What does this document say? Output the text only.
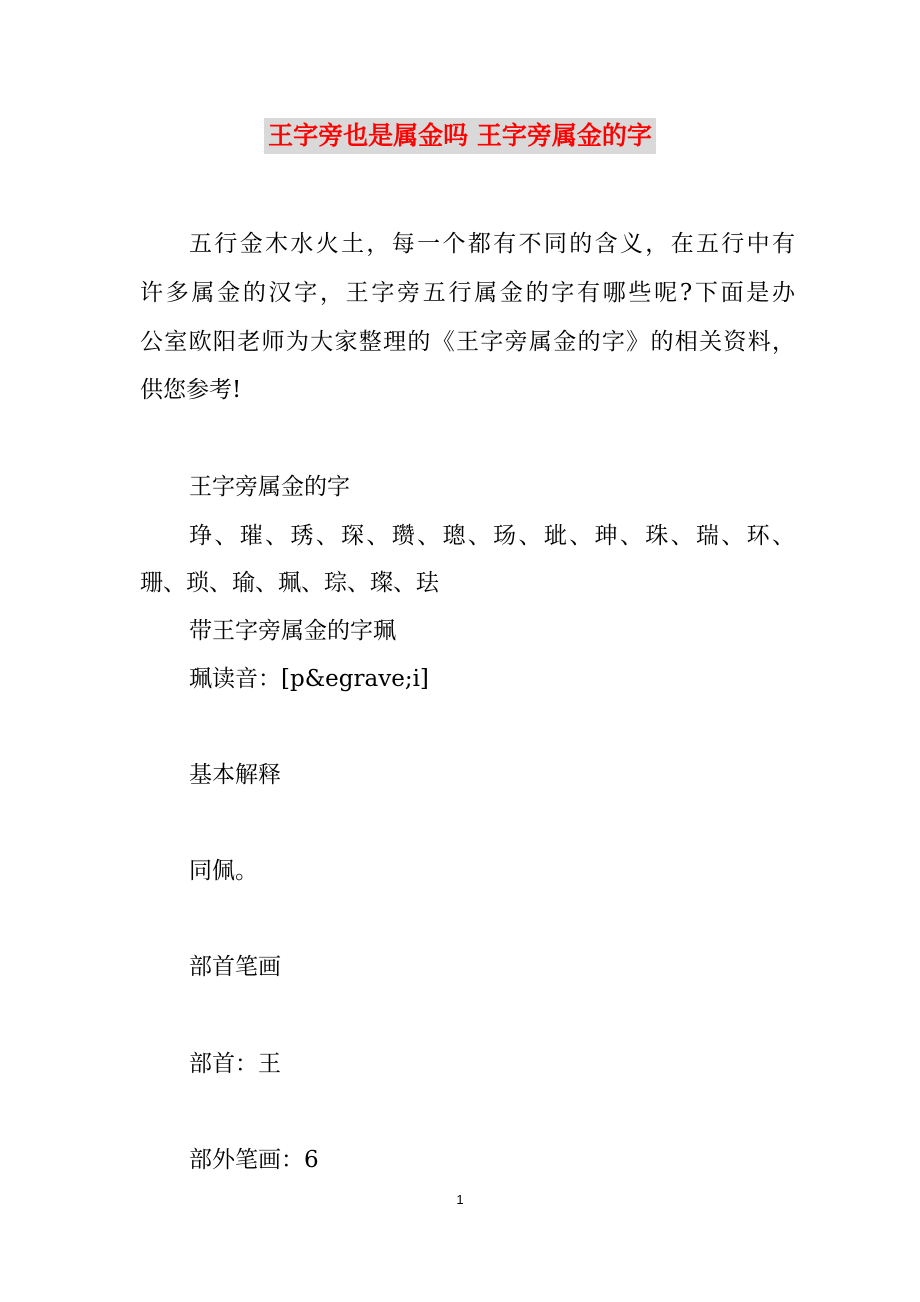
王字旁也是属金吗 王字旁属金的字
五行金木水火土，每一个都有不同的含义，在五行中有
许多属金的汉字，王字旁五行属金的字有哪些呢?下面是办
公室欧阳老师为大家整理的《王字旁属金的字》的相关资料，
供您参考!
王字旁属金的字
琤、璀、琇、琛、瓒、璁、玚、玼、珅、珠、瑞、环、
珊、琐、瑜、珮、琮、璨、珐
带王字旁属金的字珮
珮读音：[p&egrave;i]
基本解释
同佩。
部首笔画
部首：王
部外笔画：6
1
